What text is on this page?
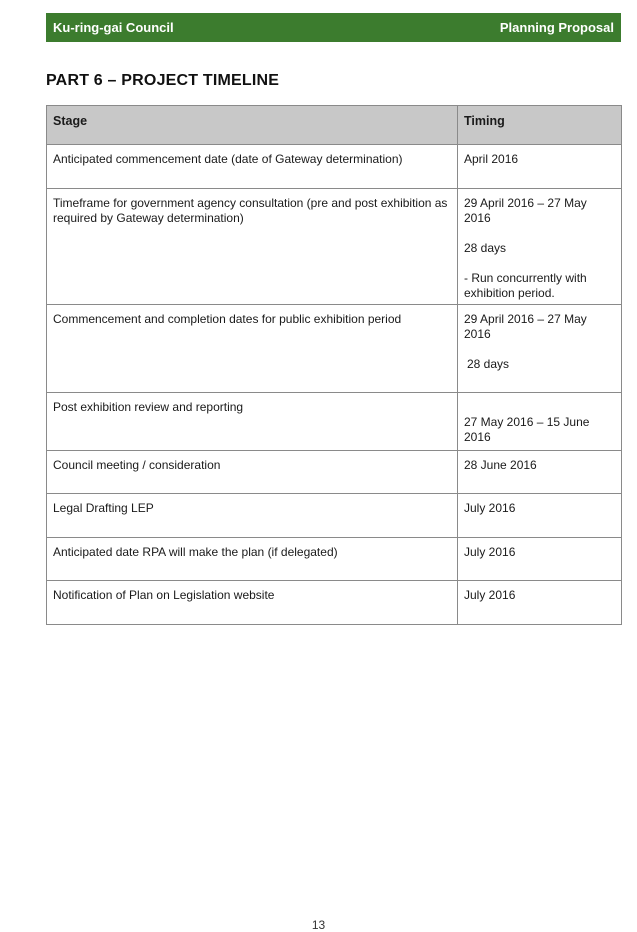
Ku-ring-gai Council	Planning Proposal
PART 6 – PROJECT TIMELINE
Stage	Timing
Anticipated commencement date (date of Gateway determination)	April 2016

Timeframe for government agency consultation (pre and post exhibition as required by Gateway determination)	29 April 2016 – 27 May 2016

28 days

- Run concurrently with exhibition period.

Commencement and completion dates for public exhibition period	29 April 2016 – 27 May 2016

28 days

Post exhibition review and reporting	27 May 2016 – 15 June 2016

Council meeting / consideration	28 June 2016

Legal Drafting LEP	July 2016

Anticipated date RPA will make the plan (if delegated)	July 2016

Notification of Plan on Legislation website	July 2016

13
